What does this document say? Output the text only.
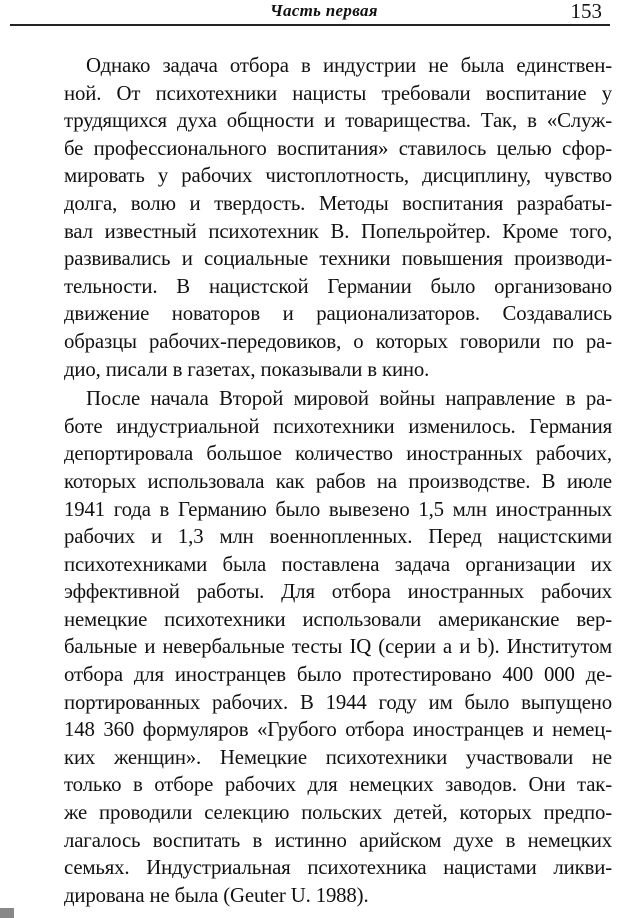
Часть первая	153
Однако задача отбора в индустрии не была единствен-
ной. От психотехники нацисты требовали воспитание у
трудящихся духа общности и товарищества. Так, в «Служ-
бе профессионального воспитания» ставилось целью сфор-
мировать у рабочих чистоплотность, дисциплину, чувство
долга, волю и твердость. Методы воспитания разрабаты-
вал известный психотехник В. Попельройтер. Кроме того,
развивались и социальные техники повышения производи-
тельности. В нацистской Германии было организовано
движение новаторов и рационализаторов. Создавались
образцы рабочих-передовиков, о которых говорили по ра-
дио, писали в газетах, показывали в кино.
После начала Второй мировой войны направление в ра-
боте индустриальной психотехники изменилось. Германия
депортировала большое количество иностранных рабочих,
которых использовала как рабов на производстве. В июле
1941 года в Германию было вывезено 1,5 млн иностранных
рабочих и 1,3 млн военнопленных. Перед нацистскими
психотехниками была поставлена задача организации их
эффективной работы. Для отбора иностранных рабочих
немецкие психотехники использовали американские вер-
бальные и невербальные тесты IQ (серии a и b). Институтом
отбора для иностранцев было протестировано 400 000 де-
портированных рабочих. В 1944 году им было выпущено
148 360 формуляров «Грубого отбора иностранцев и немец-
ких женщин». Немецкие психотехники участвовали не
только в отборе рабочих для немецких заводов. Они так-
же проводили селекцию польских детей, которых предпо-
лагалось воспитать в истинно арийском духе в немецких
семьях. Индустриальная психотехника нацистами ликви-
дирована не была (Geuter U. 1988).
